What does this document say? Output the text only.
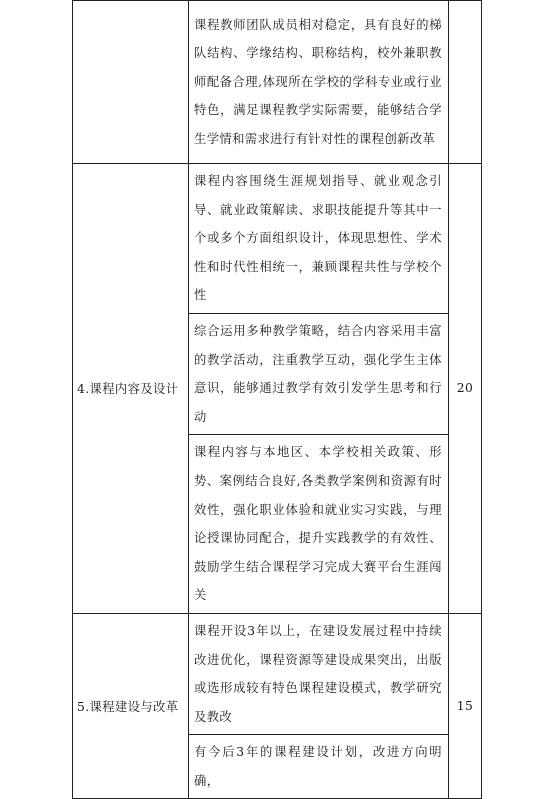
	课程教师团队成员相对稳定，具有良好的梯队结构、学缘结构、职称结构，校外兼职教师配备合理,体现所在学校的学科专业或行业特色，满足课程教学实际需要，能够结合学生学情和需求进行有针对性的课程创新改革	

4.课程内容及设计	课程内容围绕生涯规划指导、就业观念引导、就业政策解读、求职技能提升等其中一个或多个方面组织设计，体现思想性、学术性和时代性相统一，兼顾课程共性与学校个性	20

	综合运用多种教学策略，结合内容采用丰富的教学活动，注重教学互动，强化学生主体意识，能够通过教学有效引发学生思考和行动	

	课程内容与本地区、本学校相关政策、形势、案例结合良好,各类教学案例和资源有时效性，强化职业体验和就业实习实践，与理论授课协同配合，提升实践教学的有效性、鼓励学生结合课程学习完成大赛平台生涯闯关	

5.课程建设与改革	课程开设3年以上，在建设发展过程中持续改进优化，课程资源等建设成果突出，出版或选形成较有特色课程建设模式，教学研究及教改	15

	有今后3年的课程建设计划，改进方向明确，	
